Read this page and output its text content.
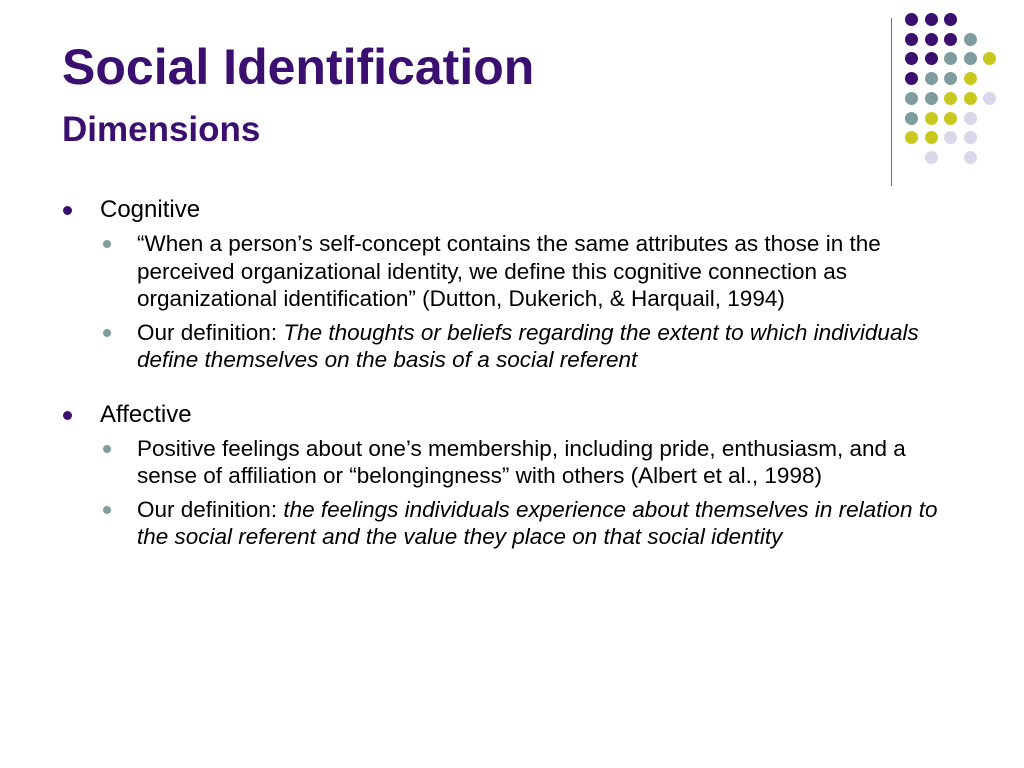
Social Identification
Dimensions
Cognitive
“When a person’s self-concept contains the same attributes as those in the perceived organizational identity, we define this cognitive connection as organizational identification” (Dutton, Dukerich, & Harquail, 1994)
Our definition: The thoughts or beliefs regarding the extent to which individuals define themselves on the basis of a social referent
Affective
Positive feelings about one’s membership, including pride, enthusiasm, and a sense of affiliation or “belongingness” with others (Albert et al., 1998)
Our definition: the feelings individuals experience about themselves in relation to the social referent and the value they place on that social identity
